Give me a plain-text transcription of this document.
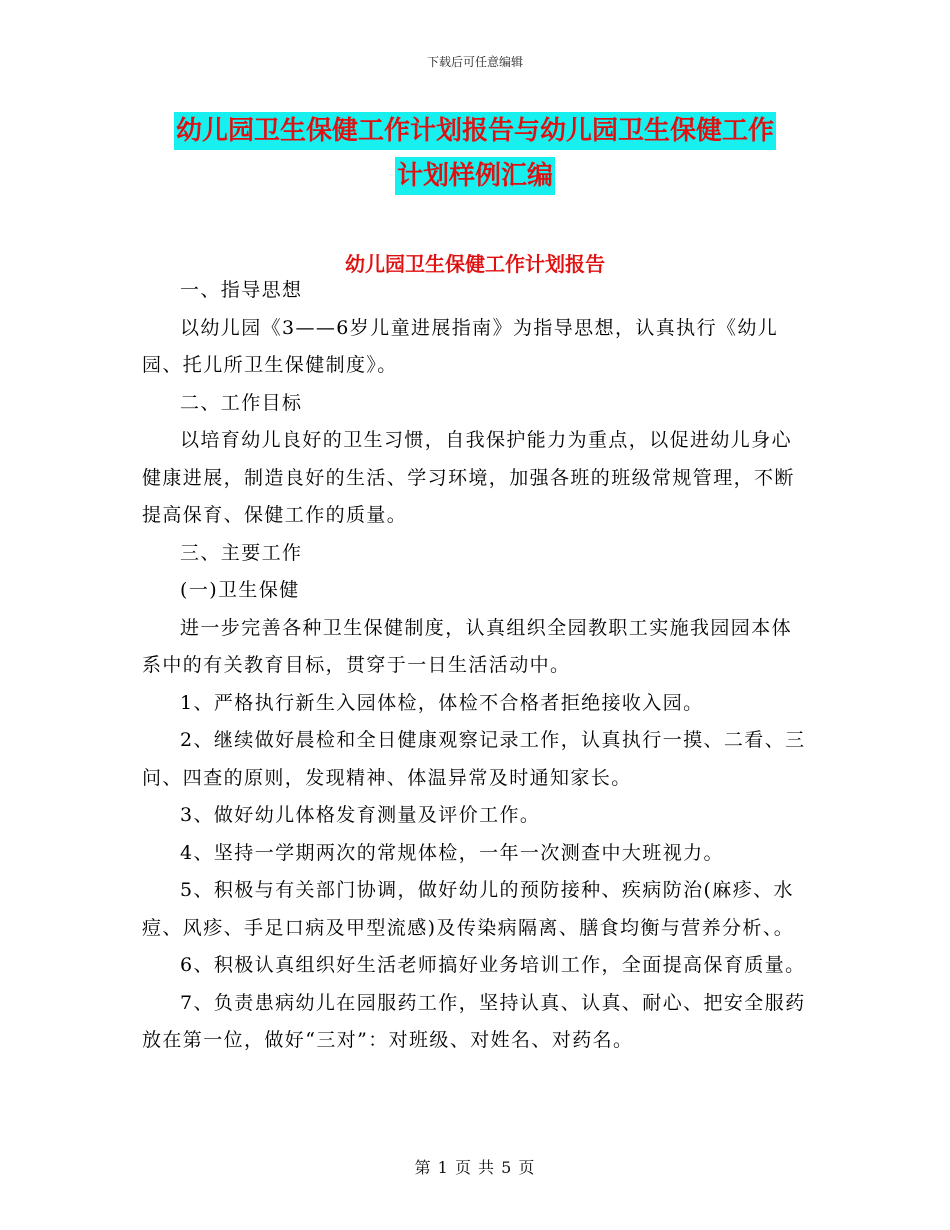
下载后可任意编辑
幼儿园卫生保健工作计划报告与幼儿园卫生保健工作
计划样例汇编
幼儿园卫生保健工作计划报告

一、指导思想

以幼儿园《3——6岁儿童进展指南》为指导思想，认真执行《幼儿园、托儿所卫生保健制度》。

二、工作目标

以培育幼儿良好的卫生习惯，自我保护能力为重点，以促进幼儿身心健康进展，制造良好的生活、学习环境，加强各班的班级常规管理，不断提高保育、保健工作的质量。

三、主要工作

(一)卫生保健

进一步完善各种卫生保健制度，认真组织全园教职工实施我园园本体系中的有关教育目标，贯穿于一日生活活动中。

1、严格执行新生入园体检，体检不合格者拒绝接收入园。

2、继续做好晨检和全日健康观察记录工作，认真执行一摸、二看、三问、四查的原则，发现精神、体温异常及时通知家长。

3、做好幼儿体格发育测量及评价工作。

4、坚持一学期两次的常规体检，一年一次测查中大班视力。

5、积极与有关部门协调，做好幼儿的预防接种、疾病防治(麻疹、水痘、风疹、手足口病及甲型流感)及传染病隔离、膳食均衡与营养分析、。

6、积极认真组织好生活老师搞好业务培训工作，全面提高保育质量。

7、负责患病幼儿在园服药工作，坚持认真、认真、耐心、把安全服药放在第一位，做好“三对”：对班级、对姓名、对药名。

第 1 页 共 5 页
